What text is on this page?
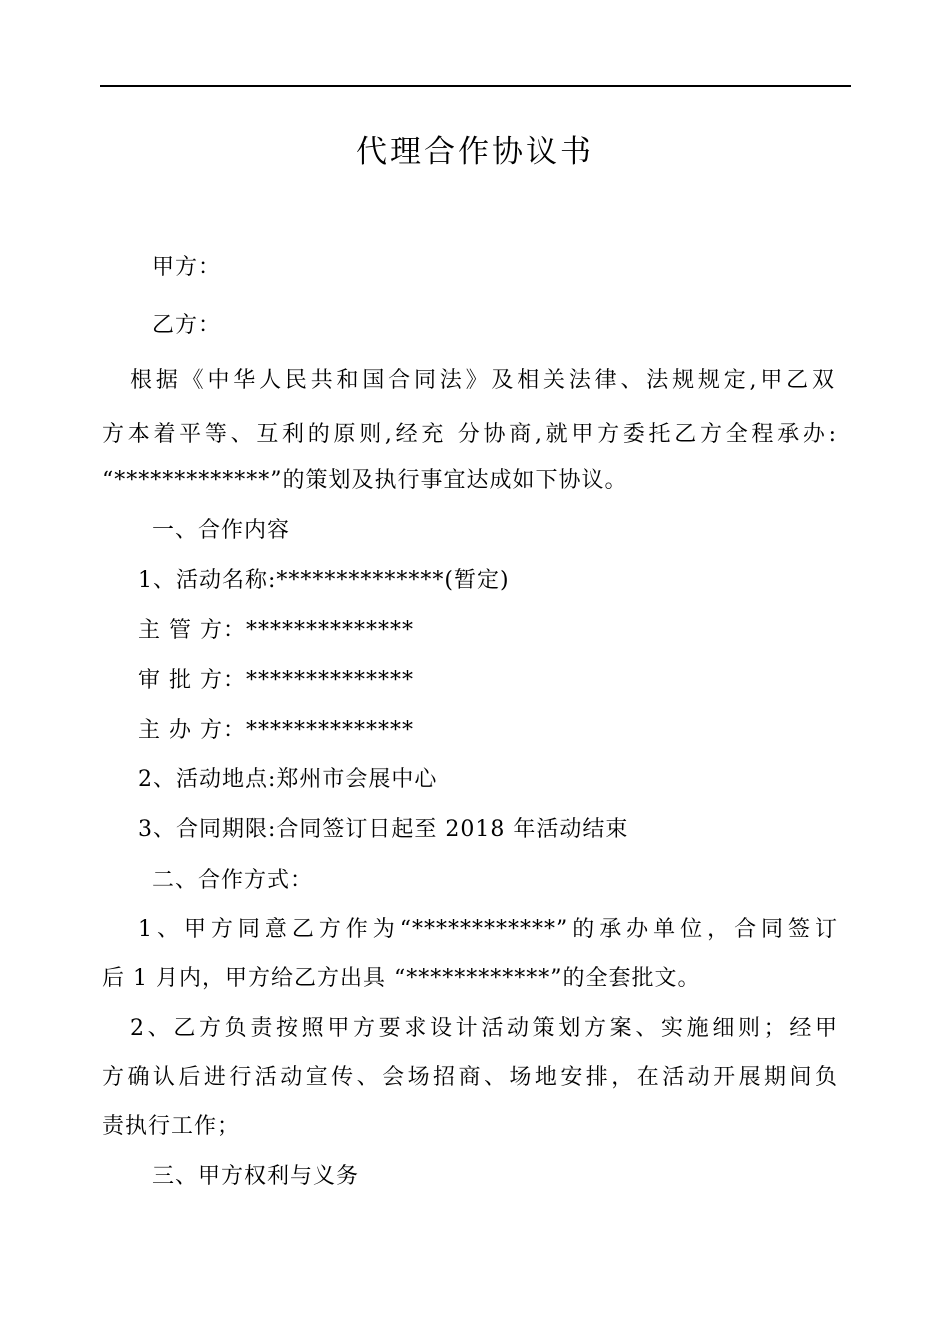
代理合作协议书
甲方：
乙方：
根据《中华人民共和国合同法》及相关法律、法规规定,甲乙双
方本着平等、互利的原则,经充 分协商,就甲方委托乙方全程承办:
“*************”的策划及执行事宜达成如下协议。
一、合作内容
1、活动名称:**************(暂定)
主 管 方：**************
审 批 方：**************
主 办 方：**************
2、活动地点:郑州市会展中心
3、合同期限:合同签订日起至 2018 年活动结束
二、合作方式：
1、甲方同意乙方作为“************”的承办单位，合同签订
后 1 月内，甲方给乙方出具 “************”的全套批文。
2、乙方负责按照甲方要求设计活动策划方案、实施细则；经甲
方确认后进行活动宣传、会场招商、场地安排，在活动开展期间负
责执行工作；
三、甲方权利与义务
